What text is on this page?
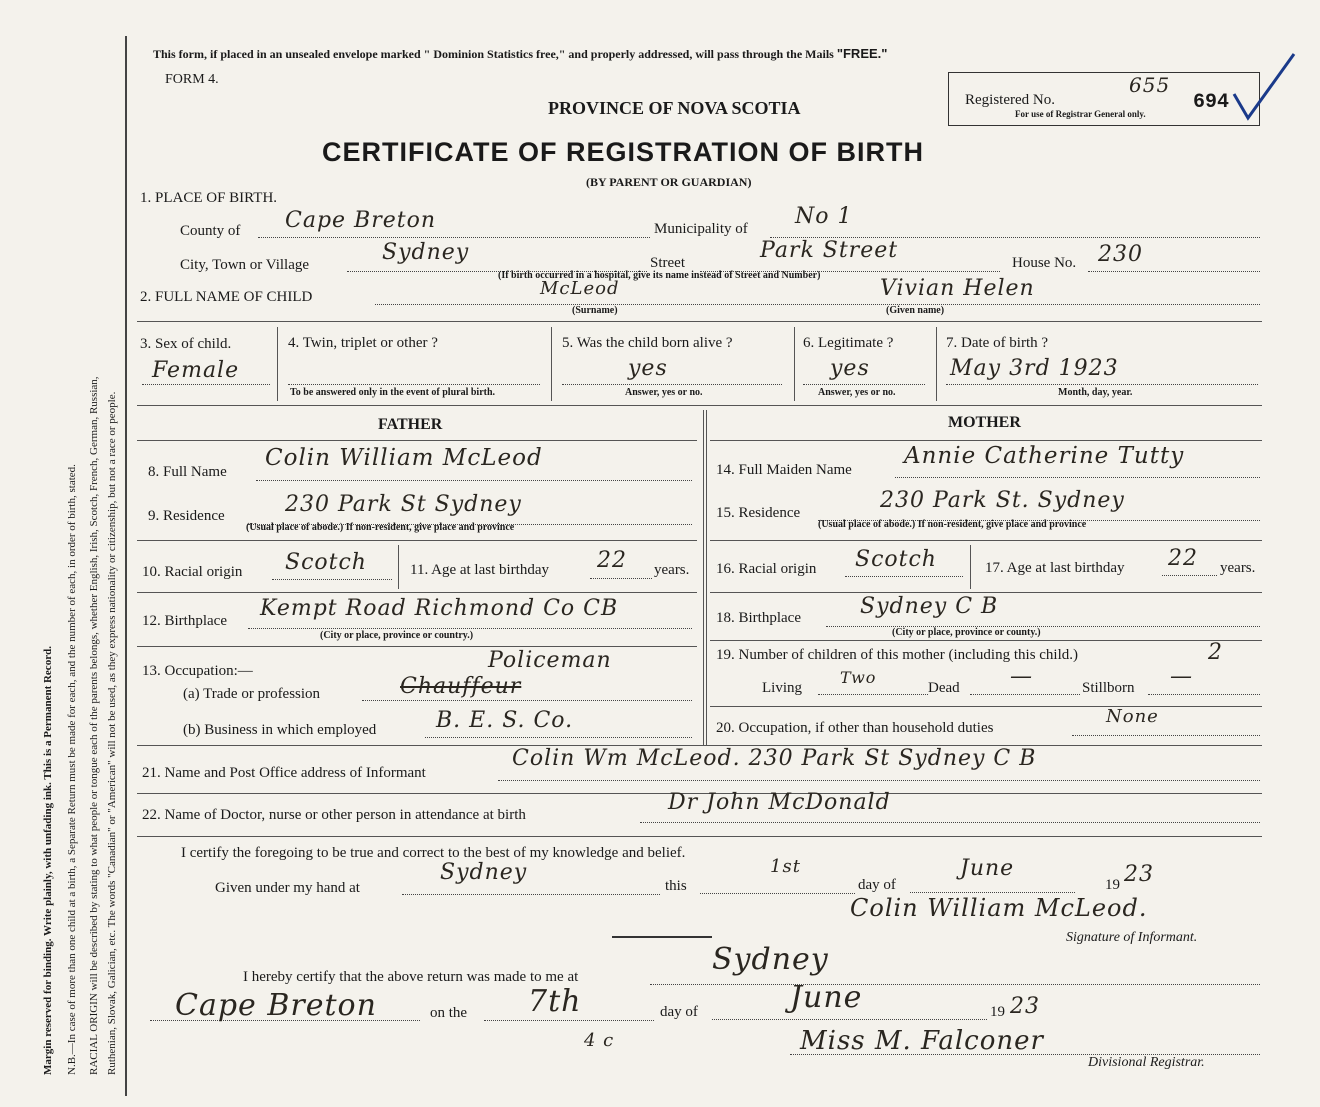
Margin reserved for binding. Write plainly, with unfading ink. This is a Permanent Record. N.B.—In case of more than one child at a birth, a Separate Return must be made for each, and the number of each, in order of birth, stated. RACIAL ORIGIN will be described by stating to what people or tongue each of the parents belongs, whether English, Irish, Scotch, French, German, Russian, Ruthenian, Slovak, Galician, etc. The words "Canadian" or "American" will not be used, as they express nationality or citizenship, but not a race or people.
This form, if placed in an unsealed envelope marked " Dominion Statistics free," and properly addressed, will pass through the Mails "FREE."
FORM 4.
PROVINCE OF NOVA SCOTIA
CERTIFICATE OF REGISTRATION OF BIRTH
(BY PARENT OR GUARDIAN)
Registered No.
655
694
For use of Registrar General only.
1. PLACE OF BIRTH.
County of Cape Breton	Municipality of No 1
City, Town or Village	Sydney	Street	Park Street
(If birth occurred in a hospital, give its name instead of Street and Number)
House No. 230
2. FULL NAME OF CHILD	McLeod
(Surname)
Vivian Helen
(Given name)
3. Sex of child.
Female
4. Twin, triplet or other ?
To be answered only in the event of plural birth.
5. Was the child born alive ?
yes
Answer, yes or no.
6. Legitimate ?
yes
Answer, yes or no.
7. Date of birth ?
May 3rd 1923
Month, day, year.
FATHER	MOTHER
8. Full Name
Colin William McLeod
9. Residence	230 Park St Sydney
(Usual place of abode.) If non-resident, give place and province
10. Racial origin Scotch	11. Age at last birthday 22 years.
12. Birthplace Kempt Road Richmond Co CB
(City or place, province or country.)
13. Occupation:—	Policeman
(a) Trade or profession	Chauffeur
(b) Business in which employed	B. E. S. Co.
14. Full Maiden Name
Annie Catherine Tutty
15. Residence	230 Park St. Sydney
(Usual place of abode.) If non-resident, give place and province
16. Racial origin Scotch	17. Age at last birthday 22 years.
18. Birthplace	Sydney C B
(City or place, province or county.)
19. Number of children of this mother (including this child.)	2
Living
Two
Dead —	Stillborn —
20. Occupation, if other than household duties
None
21. Name and Post Office address of Informant
Colin Wm McLeod. 230 Park St Sydney C B
22. Name of Doctor, nurse or other person in attendance at birth	Dr John McDonald
I certify the foregoing to be true and correct to the best of my knowledge and belief.
Given under my hand at
Sydney
this
1st
day of
June
19 23
Colin William McLeod.
Signature of Informant.
I hereby certify that the above return was made to me at	Sydney
Cape Breton	on the 7th
4 c
day of	June	19 23
Miss M. Falconer
Divisional Registrar.
